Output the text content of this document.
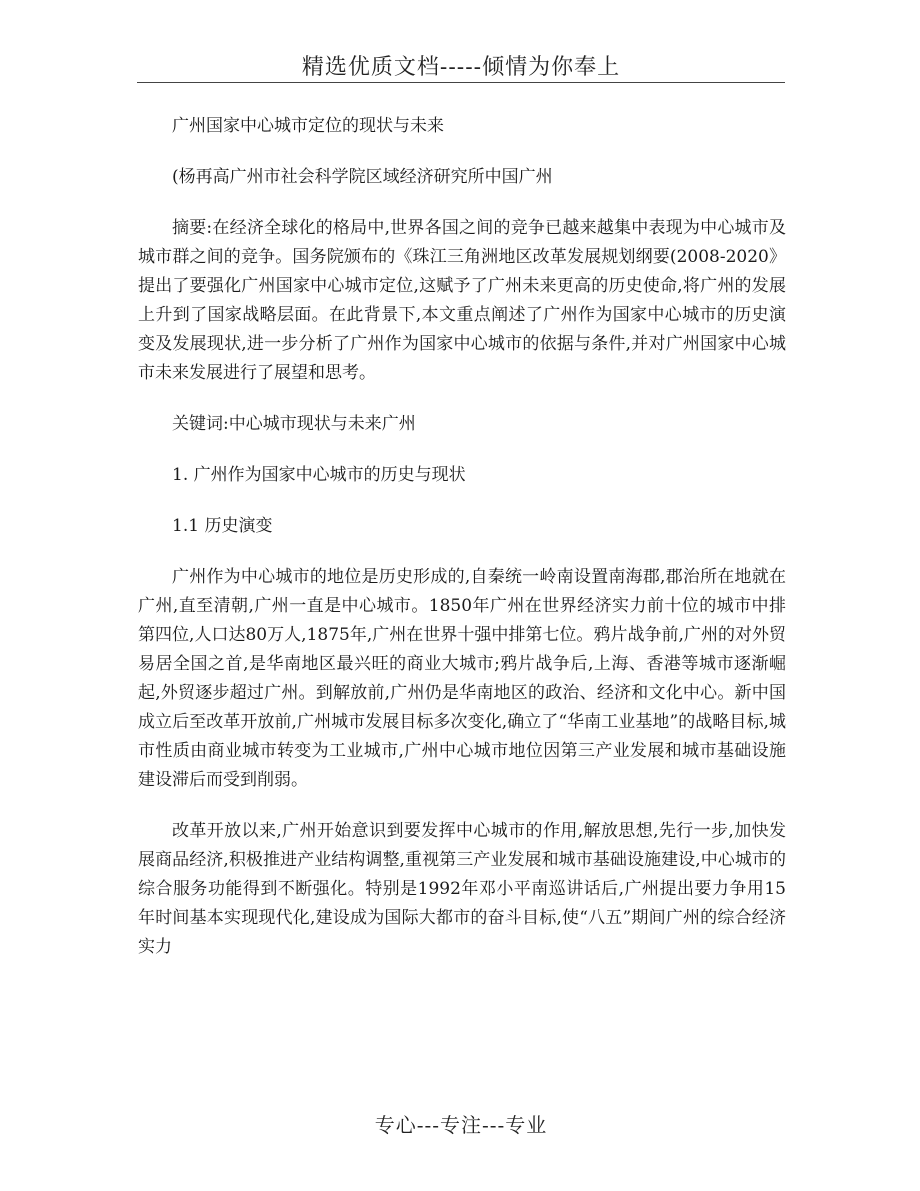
精选优质文档-----倾情为你奉上

广州国家中心城市定位的现状与未来

(杨再高广州市社会科学院区域经济研究所中国广州

摘要:在经济全球化的格局中,世界各国之间的竞争已越来越集中表现为中心城市及城市群之间的竞争。国务院颁布的《珠江三角洲地区改革发展规划纲要(2008-2020》提出了要强化广州国家中心城市定位,这赋予了广州未来更高的历史使命,将广州的发展上升到了国家战略层面。在此背景下,本文重点阐述了广州作为国家中心城市的历史演变及发展现状,进一步分析了广州作为国家中心城市的依据与条件,并对广州国家中心城市未来发展进行了展望和思考。

关键词:中心城市现状与未来广州

1. 广州作为国家中心城市的历史与现状

1.1 历史演变

广州作为中心城市的地位是历史形成的,自秦统一岭南设置南海郡,郡治所在地就在广州,直至清朝,广州一直是中心城市。1850年广州在世界经济实力前十位的城市中排第四位,人口达80万人,1875年,广州在世界十强中排第七位。鸦片战争前,广州的对外贸易居全国之首,是华南地区最兴旺的商业大城市;鸦片战争后,上海、香港等城市逐渐崛起,外贸逐步超过广州。到解放前,广州仍是华南地区的政治、经济和文化中心。新中国成立后至改革开放前,广州城市发展目标多次变化,确立了“华南工业基地”的战略目标,城市性质由商业城市转变为工业城市,广州中心城市地位因第三产业发展和城市基础设施建设滞后而受到削弱。

改革开放以来,广州开始意识到要发挥中心城市的作用,解放思想,先行一步,加快发展商品经济,积极推进产业结构调整,重视第三产业发展和城市基础设施建设,中心城市的综合服务功能得到不断强化。特别是1992年邓小平南巡讲话后,广州提出要力争用15年时间基本实现现代化,建设成为国际大都市的奋斗目标,使“八五”期间广州的综合经济实力

专心---专注---专业
